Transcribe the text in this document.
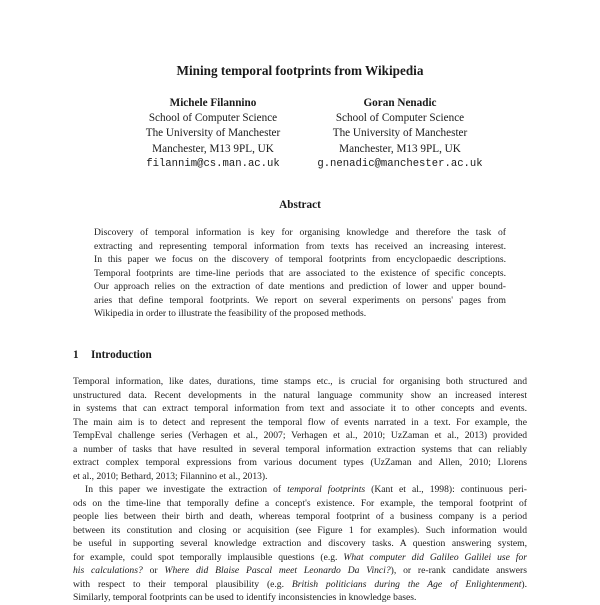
Mining temporal footprints from Wikipedia
Michele Filannino
School of Computer Science
The University of Manchester
Manchester, M13 9PL, UK
filannim@cs.man.ac.uk
Goran Nenadic
School of Computer Science
The University of Manchester
Manchester, M13 9PL, UK
g.nenadic@manchester.ac.uk
Abstract
Discovery of temporal information is key for organising knowledge and therefore the task of
extracting and representing temporal information from texts has received an increasing interest.
In this paper we focus on the discovery of temporal footprints from encyclopaedic descriptions.
Temporal footprints are time-line periods that are associated to the existence of specific concepts.
Our approach relies on the extraction of date mentions and prediction of lower and upper bound-
aries that define temporal footprints. We report on several experiments on persons' pages from
Wikipedia in order to illustrate the feasibility of the proposed methods.
1 Introduction

Temporal information, like dates, durations, time stamps etc., is crucial for organising both structured and
unstructured data. Recent developments in the natural language community show an increased interest
in systems that can extract temporal information from text and associate it to other concepts and events.
The main aim is to detect and represent the temporal flow of events narrated in a text. For example, the
TempEval challenge series (Verhagen et al., 2007; Verhagen et al., 2010; UzZaman et al., 2013) provided
a number of tasks that have resulted in several temporal information extraction systems that can reliably
extract complex temporal expressions from various document types (UzZaman and Allen, 2010; Llorens
et al., 2010; Bethard, 2013; Filannino et al., 2013).

In this paper we investigate the extraction of temporal footprints (Kant et al., 1998): continuous peri-
ods on the time-line that temporally define a concept's existence. For example, the temporal footprint of
people lies between their birth and death, whereas temporal footprint of a business company is a period
between its constitution and closing or acquisition (see Figure 1 for examples). Such information would
be useful in supporting several knowledge extraction and discovery tasks. A question answering system,
for example, could spot temporally implausible questions (e.g. What computer did Galileo Galilei use for
his calculations? or Where did Blaise Pascal meet Leonardo Da Vinci?), or re-rank candidate answers
with respect to their temporal plausibility (e.g. British politicians during the Age of Enlightenment).
Similarly, temporal footprints can be used to identify inconsistencies in knowledge bases.
